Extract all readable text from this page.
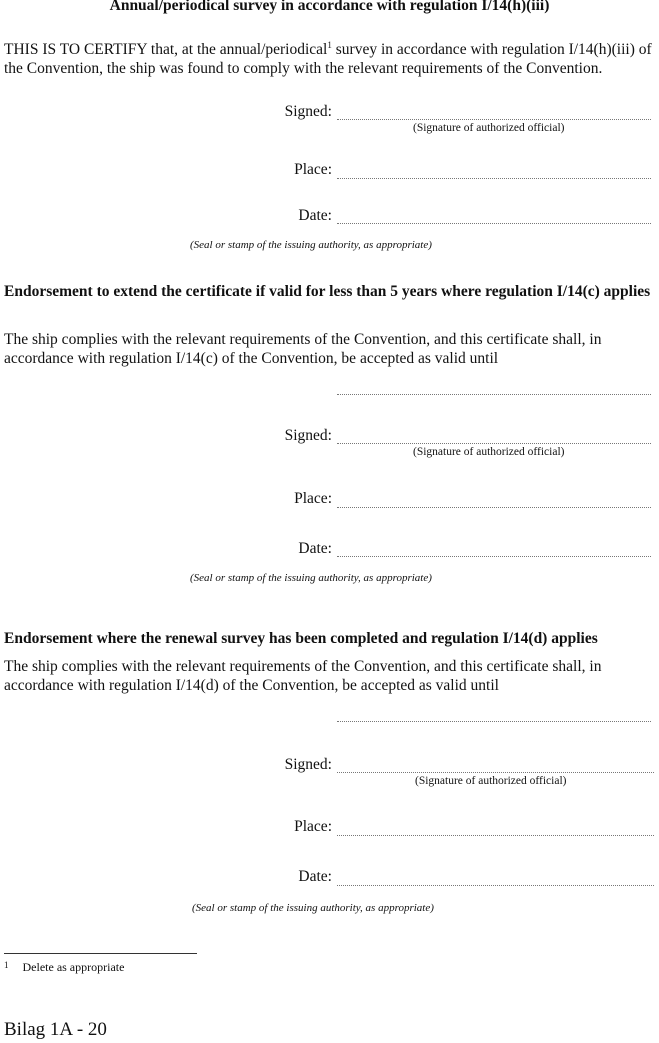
Annual/periodical survey in accordance with regulation I/14(h)(iii)
THIS IS TO CERTIFY that, at the annual/periodical$^1$ survey in accordance with regulation I/14(h)(iii) of the Convention, the ship was found to comply with the relevant requirements of the Convention.
Signed:
(Signature of authorized official)
Place:
Date:
(Seal or stamp of the issuing authority, as appropriate)
Endorsement to extend the certificate if valid for less than 5 years where regulation I/14(c) applies
The ship complies with the relevant requirements of the Convention, and this certificate shall, in accordance with regulation I/14(c) of the Convention, be accepted as valid until
Signed:
(Signature of authorized official)
Place:
Date:
(Seal or stamp of the issuing authority, as appropriate)
Endorsement where the renewal survey has been completed and regulation I/14(d) applies
The ship complies with the relevant requirements of the Convention, and this certificate shall, in accordance with regulation I/14(d) of the Convention, be accepted as valid until
Signed:
(Signature of authorized official)
Place:
Date:
(Seal or stamp of the issuing authority, as appropriate)
$^1$ Delete as appropriate
Bilag 1A - 20
